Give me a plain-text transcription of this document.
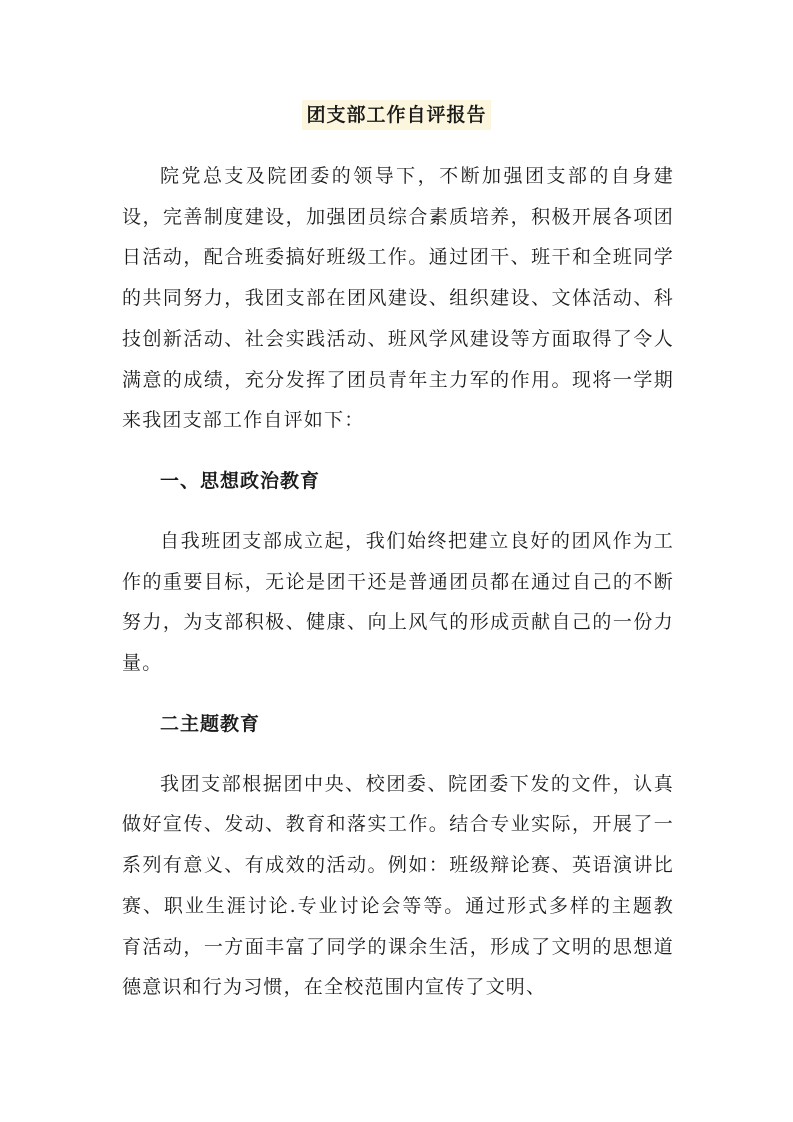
团支部工作自评报告

院党总支及院团委的领导下，不断加强团支部的自身建设，完善制度建设，加强团员综合素质培养，积极开展各项团日活动，配合班委搞好班级工作。通过团干、班干和全班同学的共同努力，我团支部在团风建设、组织建设、文体活动、科技创新活动、社会实践活动、班风学风建设等方面取得了令人满意的成绩，充分发挥了团员青年主力军的作用。现将一学期来我团支部工作自评如下：

一、思想政治教育

自我班团支部成立起，我们始终把建立良好的团风作为工作的重要目标，无论是团干还是普通团员都在通过自己的不断努力，为支部积极、健康、向上风气的形成贡献自己的一份力量。

二主题教育

我团支部根据团中央、校团委、院团委下发的文件，认真做好宣传、发动、教育和落实工作。结合专业实际，开展了一系列有意义、有成效的活动。例如：班级辩论赛、英语演讲比赛、职业生涯讨论.专业讨论会等等。通过形式多样的主题教育活动，一方面丰富了同学的课余生活，形成了文明的思想道德意识和行为习惯，在全校范围内宣传了文明、
